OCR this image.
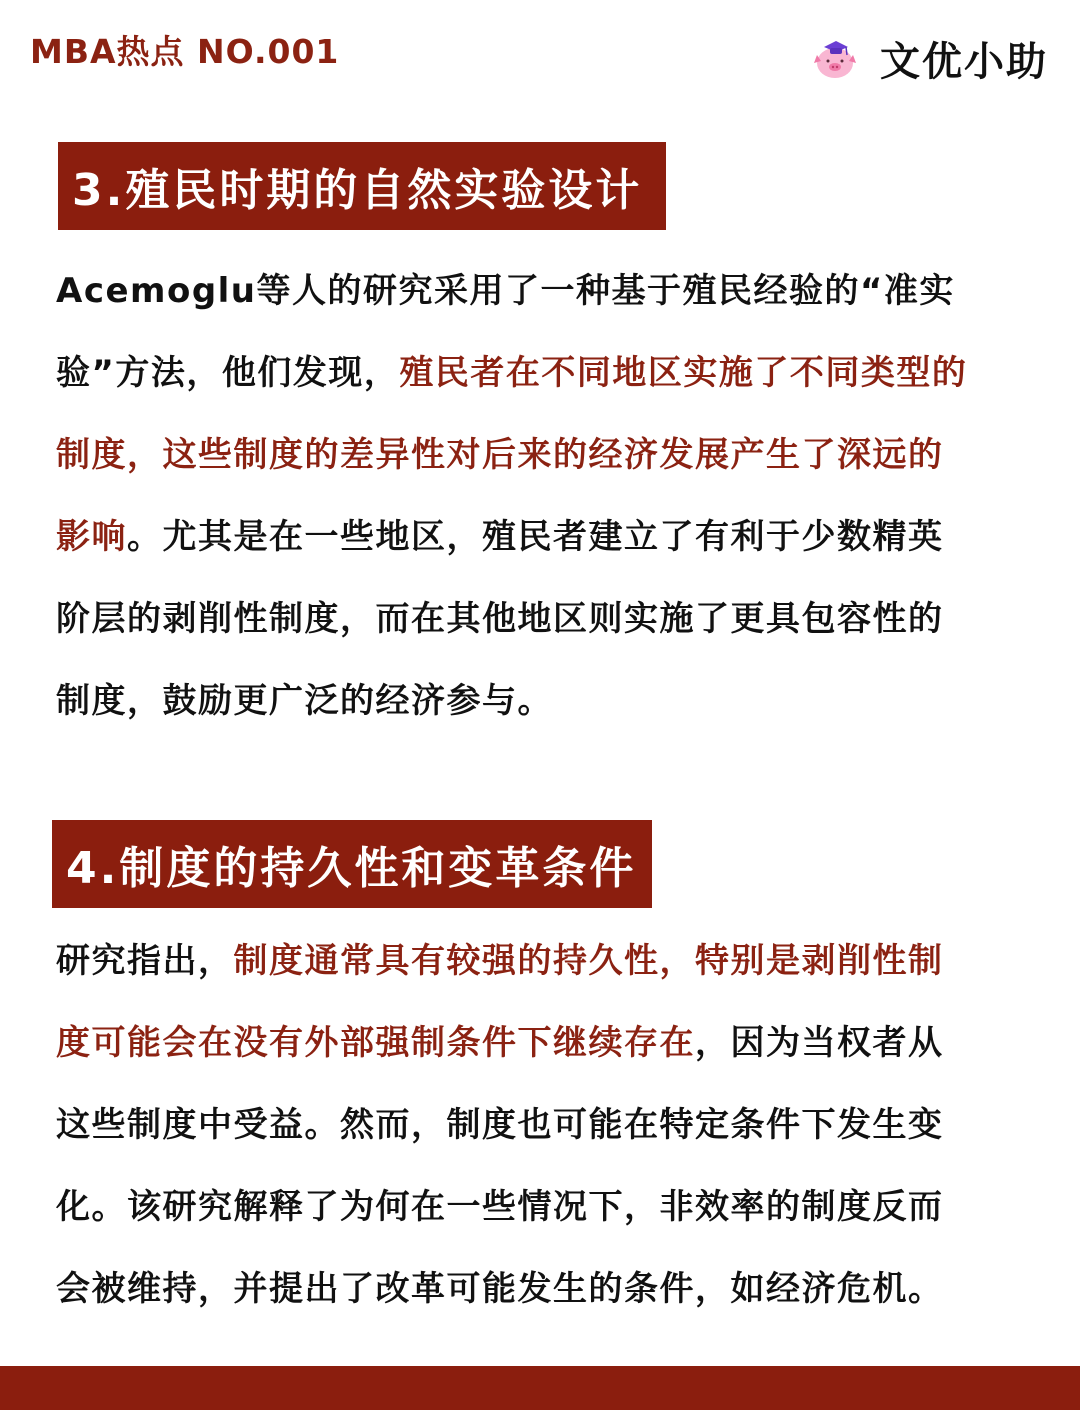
MBA热点 NO.001	文优小助
3.殖民时期的自然实验设计
Acemoglu等人的研究采用了一种基于殖民经验的“准实
验”方法，他们发现，殖民者在不同地区实施了不同类型的
制度，这些制度的差异性对后来的经济发展产生了深远的
影响。尤其是在一些地区，殖民者建立了有利于少数精英
阶层的剥削性制度，而在其他地区则实施了更具包容性的
制度，鼓励更广泛的经济参与。
4.制度的持久性和变革条件
研究指出，制度通常具有较强的持久性，特别是剥削性制
度可能会在没有外部强制条件下继续存在，因为当权者从
这些制度中受益。然而，制度也可能在特定条件下发生变
化。该研究解释了为何在一些情况下，非效率的制度反而
会被维持，并提出了改革可能发生的条件，如经济危机。
